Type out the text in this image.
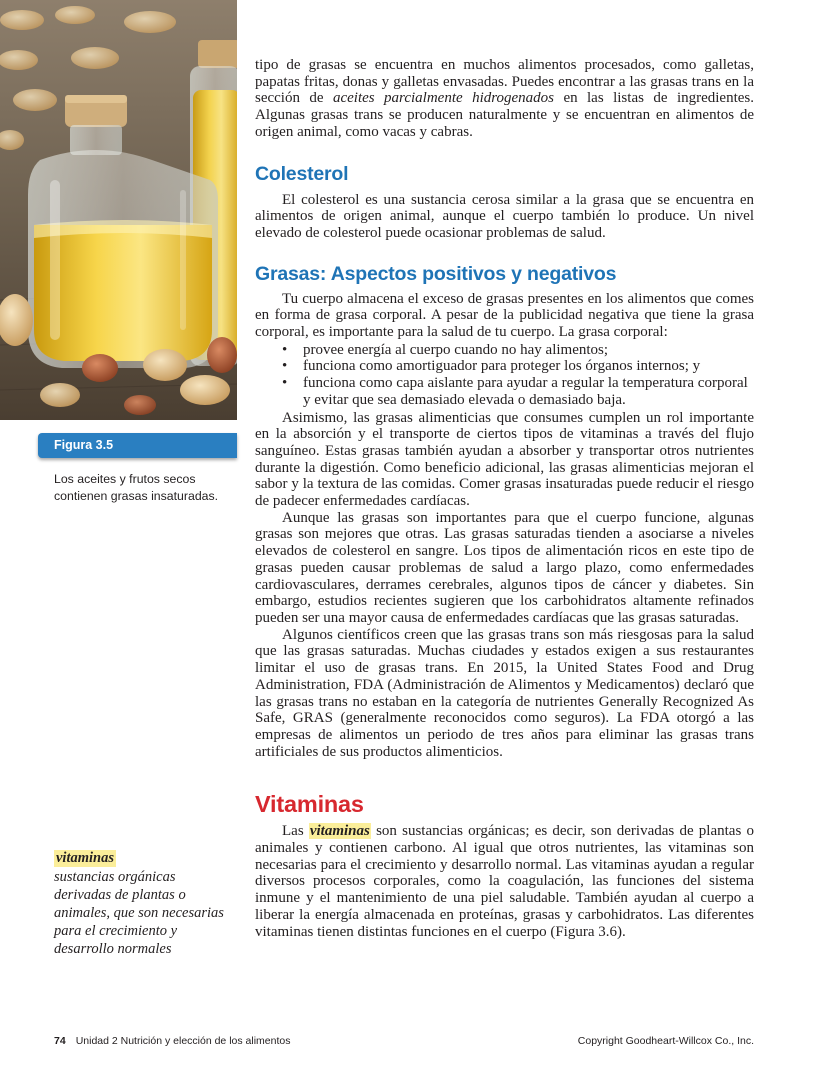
Figura 3.5
Los aceites y frutos secos contienen grasas insaturadas.
vitaminas
sustancias orgánicas derivadas de plantas o animales, que son necesarias para el crecimiento y desarrollo normales

tipo de grasas se encuentra en muchos alimentos procesados, como galletas, papatas fritas, donas y galletas envasadas. Puedes encontrar a las grasas trans en la sección de aceites parcialmente hidrogenados en las listas de ingredientes. Algunas grasas trans se producen naturalmente y se encuentran en alimentos de origen animal, como vacas y cabras.

Colesterol

El colesterol es una sustancia cerosa similar a la grasa que se encuentra en alimentos de origen animal, aunque el cuerpo también lo produce. Un nivel elevado de colesterol puede ocasionar problemas de salud.

Grasas: Aspectos positivos y negativos

Tu cuerpo almacena el exceso de grasas presentes en los alimentos que comes en forma de grasa corporal. A pesar de la publicidad negativa que tiene la grasa corporal, es importante para la salud de tu cuerpo. La grasa corporal:

• provee energía al cuerpo cuando no hay alimentos;
• funciona como amortiguador para proteger los órganos internos; y
• funciona como capa aislante para ayudar a regular la temperatura corporal y evitar que sea demasiado elevada o demasiado baja.

Asimismo, las grasas alimenticias que consumes cumplen un rol importante en la absorción y el transporte de ciertos tipos de vitaminas a través del flujo sanguíneo. Estas grasas también ayudan a absorber y transportar otros nutrientes durante la digestión. Como beneficio adicional, las grasas alimenticias mejoran el sabor y la textura de las comidas. Comer grasas insaturadas puede reducir el riesgo de padecer enfermedades cardíacas.

Aunque las grasas son importantes para que el cuerpo funcione, algunas grasas son mejores que otras. Las grasas saturadas tienden a asociarse a niveles elevados de colesterol en sangre. Los tipos de alimentación ricos en este tipo de grasas pueden causar problemas de salud a largo plazo, como enfermedades cardiovasculares, derrames cerebrales, algunos tipos de cáncer y diabetes. Sin embargo, estudios recientes sugieren que los carbohidratos altamente refinados pueden ser una mayor causa de enfermedades cardíacas que las grasas saturadas.

Algunos científicos creen que las grasas trans son más riesgosas para la salud que las grasas saturadas. Muchas ciudades y estados exigen a sus restaurantes limitar el uso de grasas trans. En 2015, la United States Food and Drug Administration, FDA (Administración de Alimentos y Medicamentos) declaró que las grasas trans no estaban en la categoría de nutrientes Generally Recognized As Safe, GRAS (generalmente reconocidos como seguros). La FDA otorgó a las empresas de alimentos un periodo de tres años para eliminar las grasas trans artificiales de sus productos alimenticios.

Vitaminas

Las vitaminas son sustancias orgánicas; es decir, son derivadas de plantas o animales y contienen carbono. Al igual que otros nutrientes, las vitaminas son necesarias para el crecimiento y desarrollo normal. Las vitaminas ayudan a regular diversos procesos corporales, como la coagulación, las funciones del sistema inmune y el mantenimiento de una piel saludable. También ayudan al cuerpo a liberar la energía almacenada en proteínas, grasas y carbohidratos. Las diferentes vitaminas tienen distintas funciones en el cuerpo (Figura 3.6).

74 Unidad 2 Nutrición y elección de los alimentos	Copyright Goodheart-Willcox Co., Inc.
